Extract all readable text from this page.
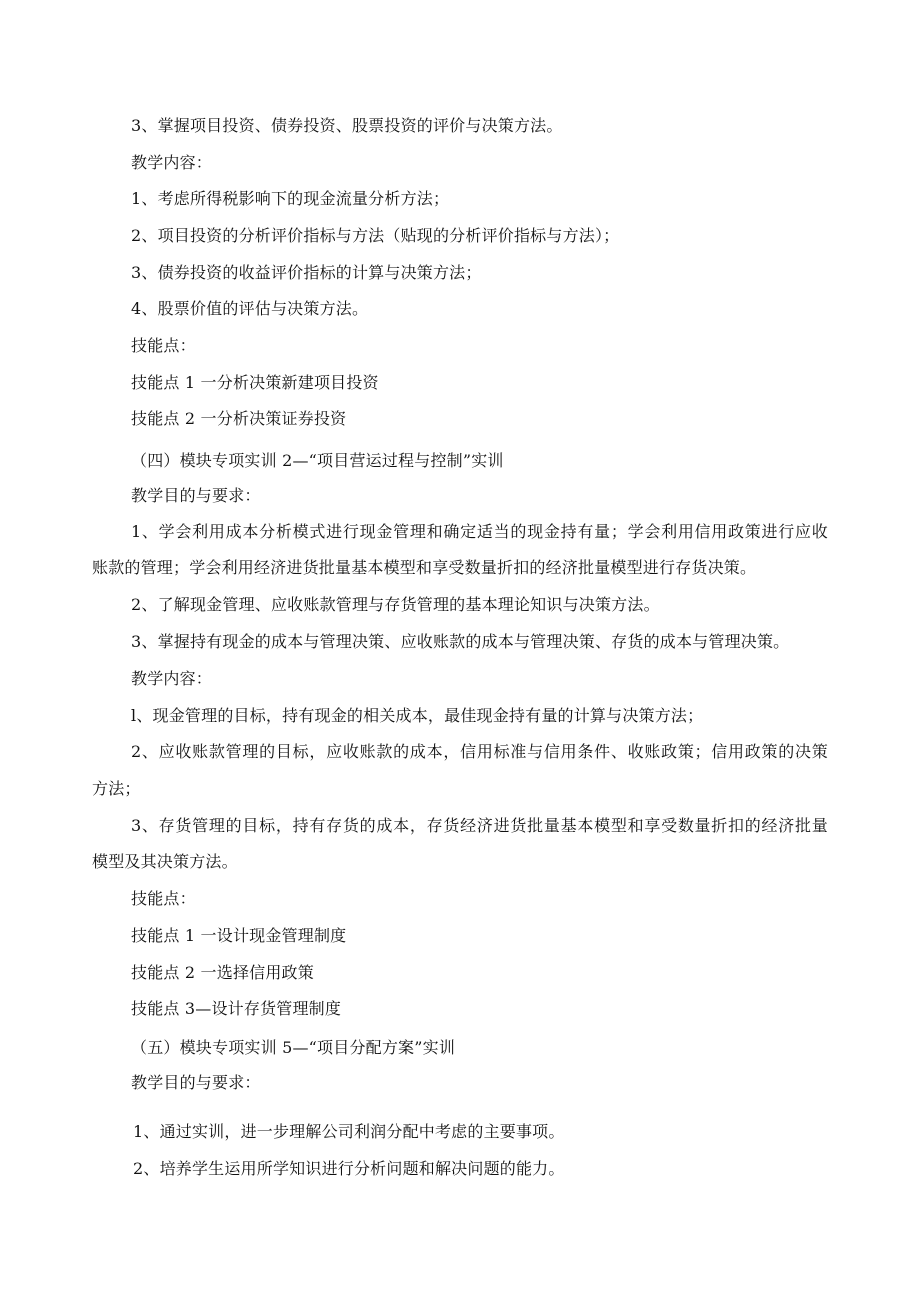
3、掌握项目投资、债券投资、股票投资的评价与决策方法。
教学内容：
1、考虑所得税影响下的现金流量分析方法；
2、项目投资的分析评价指标与方法（贴现的分析评价指标与方法）；
3、债券投资的收益评价指标的计算与决策方法；
4、股票价值的评估与决策方法。
技能点：
技能点 1 一分析决策新建项目投资
技能点 2 一分析决策证券投资
（四）模块专项实训 2—“项目营运过程与控制”实训
教学目的与要求：
1、学会利用成本分析模式进行现金管理和确定适当的现金持有量；学会利用信用政策进行应收
账款的管理；学会利用经济进货批量基本模型和享受数量折扣的经济批量模型进行存货决策。
2、了解现金管理、应收账款管理与存货管理的基本理论知识与决策方法。
3、掌握持有现金的成本与管理决策、应收账款的成本与管理决策、存货的成本与管理决策。
教学内容：
l、现金管理的目标，持有现金的相关成本，最佳现金持有量的计算与决策方法；
2、应收账款管理的目标，应收账款的成本，信用标准与信用条件、收账政策；信用政策的决策
方法；
3、存货管理的目标，持有存货的成本，存货经济进货批量基本模型和享受数量折扣的经济批量
模型及其决策方法。
技能点：
技能点 1 一设计现金管理制度
技能点 2 一选择信用政策
技能点 3—设计存货管理制度
（五）模块专项实训 5—“项目分配方案”实训
教学目的与要求：
1、通过实训，进一步理解公司利润分配中考虑的主要事项。
2、培养学生运用所学知识进行分析问题和解决问题的能力。
